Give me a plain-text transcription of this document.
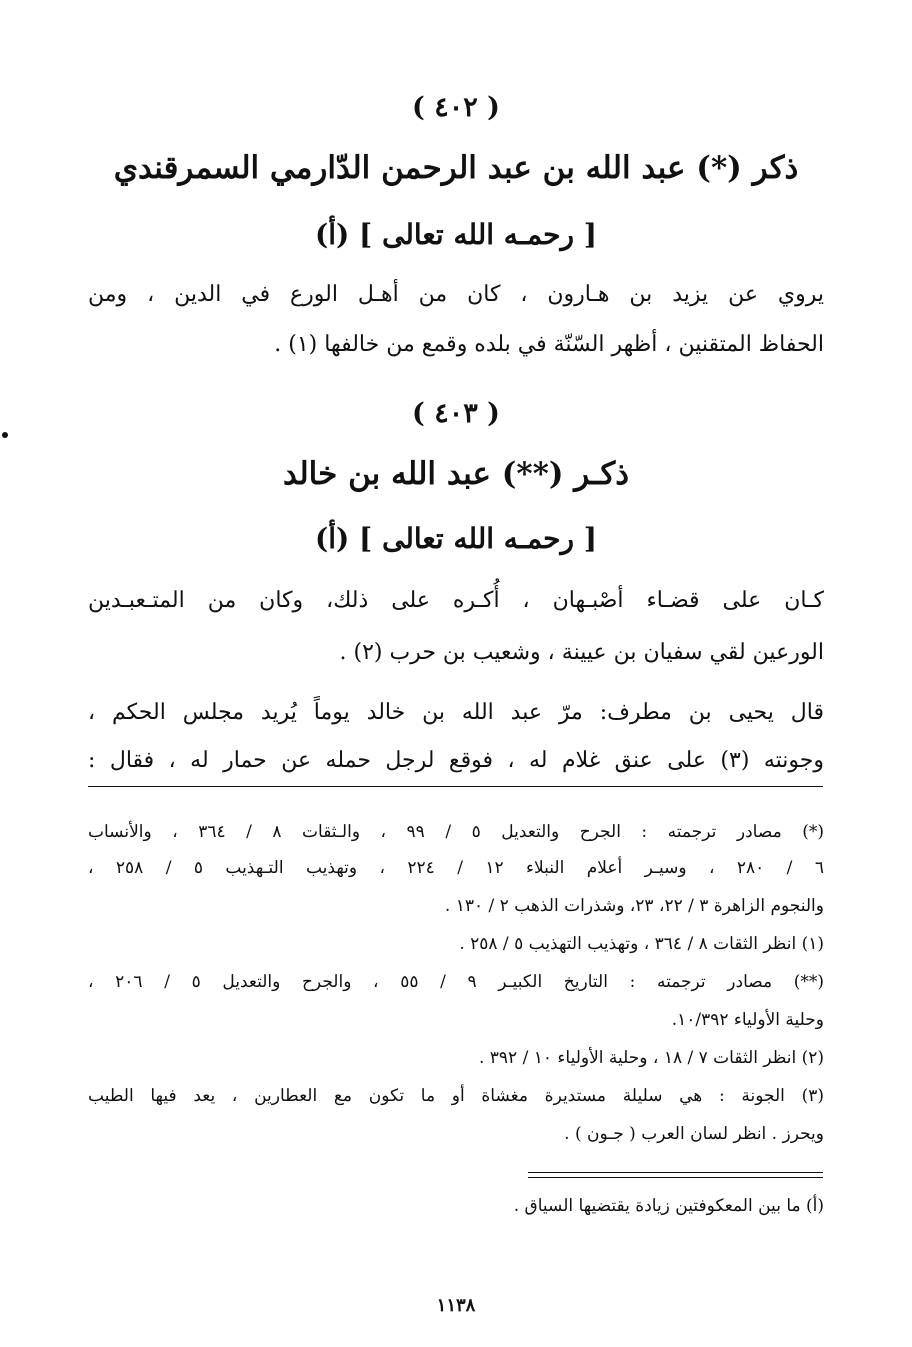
( ٤٠٢ )
ذكر (*) عبد الله بن عبد الرحمن الدّارمي السمرقندي
[ رحمـه الله تعالى ] (أ)
يروي عن يزيد بن هـارون ، كان من أهـل الورع في الدين ، ومن
الحفاظ المتقنين ، أظهر السّنّة في بلده وقمع من خالفها (١) .
( ٤٠٣ )
ذكـر (**) عبد الله بن خالد
[ رحمـه الله تعالى ] (أ)
كـان على قضـاء أصْبـهان ، أُكـره على ذلك، وكان من المتـعبـدين
الورعين لقي سفيان بن عيينة ، وشعيب بن حرب (٢) .
قال يحيى بن مطرف: مرّ عبد الله بن خالد يوماً يُريد مجلس الحكم ،
وجونته (٣) على عنق غلام له ، فوقع لرجل حمله عن حمار له ، فقال :
(*) مصادر ترجمته : الجرح والتعديل ٥ / ٩٩ ، والـثقات ٨ / ٣٦٤ ، والأنساب
٦ / ٢٨٠ ، وسيـر أعلام النبلاء ١٢ / ٢٢٤ ، وتهذيب التـهذيب ٥ / ٢٥٨ ،
والنجوم الزاهرة ٣ / ٢٢، ٢٣، وشذرات الذهب ٢ / ١٣٠ .
(١) انظر الثقات ٨ / ٣٦٤ ، وتهذيب التهذيب ٥ / ٢٥٨ .
(**) مصادر ترجمته : التاريخ الكبيـر ٩ / ٥٥ ، والجرح والتعديل ٥ / ٢٠٦ ،
وحلية الأولياء ١٠/٣٩٢.
(٢) انظر الثقات ٧ / ١٨ ، وحلية الأولياء ١٠ / ٣٩٢ .
(٣) الجونة : هي سليلة مستديرة مغشاة أو ما تكون مع العطارين ، يعد فيها الطيب
ويحرز . انظر لسان العرب ( جـون ) .
(أ) ما بين المعكوفتين زيادة يقتضيها السياق .
١١٣٨
